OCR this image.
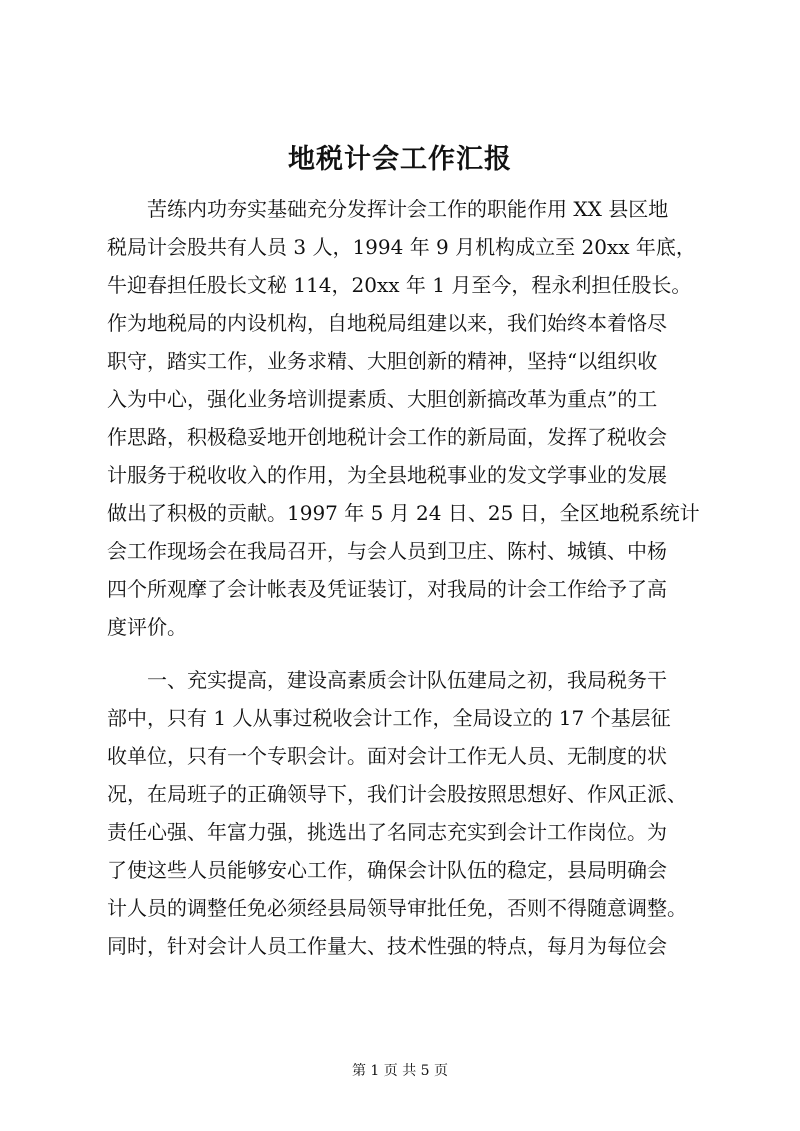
地税计会工作汇报
　　苦练内功夯实基础充分发挥计会工作的职能作用 XX 县区地
税局计会股共有人员 3 人，1994 年 9 月机构成立至 20xx 年底，
牛迎春担任股长文秘 114，20xx 年 1 月至今，程永利担任股长。
作为地税局的内设机构，自地税局组建以来，我们始终本着恪尽
职守，踏实工作，业务求精、大胆创新的精神，坚持“以组织收
入为中心，强化业务培训提素质、大胆创新搞改革为重点”的工
作思路，积极稳妥地开创地税计会工作的新局面，发挥了税收会
计服务于税收收入的作用，为全县地税事业的发文学事业的发展
做出了积极的贡献。1997 年 5 月 24 日、25 日，全区地税系统计
会工作现场会在我局召开，与会人员到卫庄、陈村、城镇、中杨
四个所观摩了会计帐表及凭证装订，对我局的计会工作给予了高
度评价。
　　一、充实提高，建设高素质会计队伍建局之初，我局税务干
部中，只有 1 人从事过税收会计工作，全局设立的 17 个基层征
收单位，只有一个专职会计。面对会计工作无人员、无制度的状
况，在局班子的正确领导下，我们计会股按照思想好、作风正派、
责任心强、年富力强，挑选出了名同志充实到会计工作岗位。为
了使这些人员能够安心工作，确保会计队伍的稳定，县局明确会
计人员的调整任免必须经县局领导审批任免，否则不得随意调整。
同时，针对会计人员工作量大、技术性强的特点，每月为每位会
第 1 页 共 5 页
